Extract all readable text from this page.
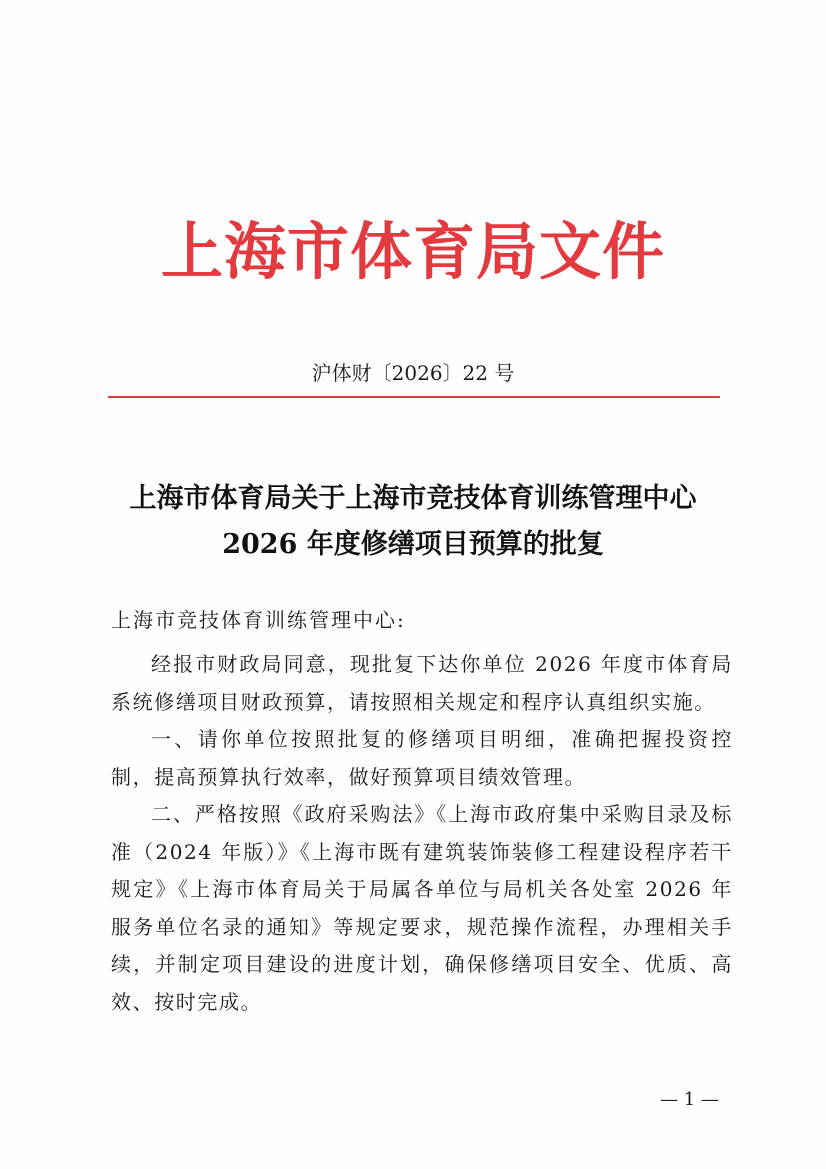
上海市体育局文件
沪体财〔2026〕22 号
上海市体育局关于上海市竞技体育训练管理中心
2026 年度修缮项目预算的批复
上海市竞技体育训练管理中心:

经报市财政局同意，现批复下达你单位 2026 年度市体育局系统修缮项目财政预算，请按照相关规定和程序认真组织实施。

一、请你单位按照批复的修缮项目明细，准确把握投资控制，提高预算执行效率，做好预算项目绩效管理。

二、严格按照《政府采购法》《上海市政府集中采购目录及标准（2024 年版）》《上海市既有建筑装饰装修工程建设程序若干规定》《上海市体育局关于局属各单位与局机关各处室 2026 年服务单位名录的通知》等规定要求，规范操作流程，办理相关手续，并制定项目建设的进度计划，确保修缮项目安全、优质、高效、按时完成。

— 1 —
